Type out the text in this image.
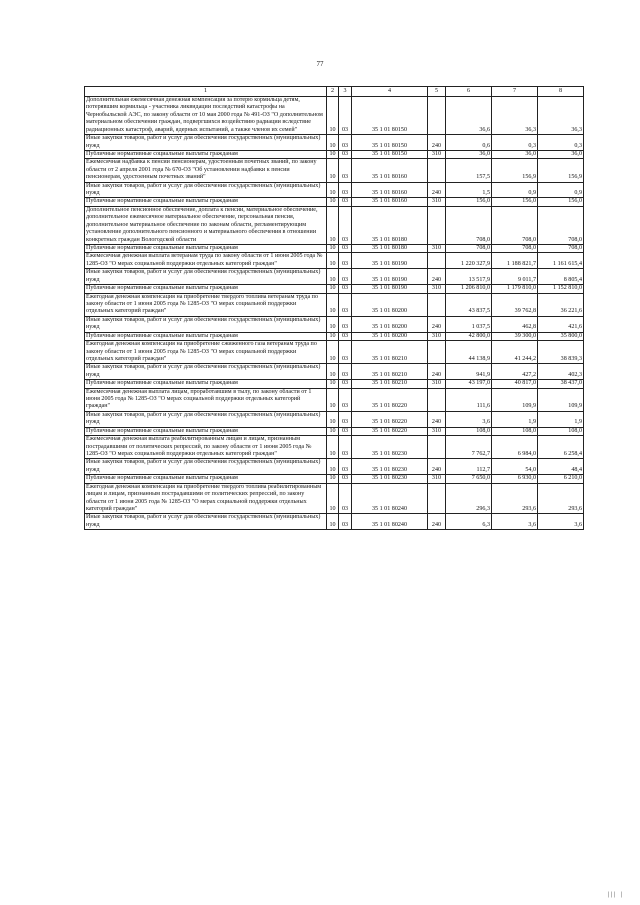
77
1	2	3	4	5	6	7	8
Дополнительная ежемесячная денежная компенсация за потерю кормильца детям, потерявшим кормильца - участника ликвидации последствий катастрофы на Чернобыльской АЭС, по закону области от 10 мая 2000 года № 491-ОЗ "О дополнительном материальном обеспечении граждан, подвергшихся воздействию радиации вследствие радиационных катастроф, аварий, ядерных испытаний, а также членов их семей"	10	03	35 1 01 80150		36,6	36,3	36,3
Иные закупки товаров, работ и услуг для обеспечения государственных (муниципальных) нужд	10	03	35 1 01 80150	240	0,6	0,3	0,3
Публичные нормативные социальные выплаты гражданам	10	03	35 1 01 80150	310	36,0	36,0	36,0
Ежемесячная надбавка к пенсии пенсионерам, удостоенным почетных званий, по закону области от 2 апреля 2001 года № 670-ОЗ "Об установлении надбавки к пенсии пенсионерам, удостоенным почетных званий"	10	03	35 1 01 80160		157,5	156,9	156,9
Иные закупки товаров, работ и услуг для обеспечения государственных (муниципальных) нужд	10	03	35 1 01 80160	240	1,5	0,9	0,9
Публичные нормативные социальные выплаты гражданам	10	03	35 1 01 80160	310	156,0	156,0	156,0
Дополнительное пенсионное обеспечение, доплата к пенсии, материальное обеспечение, дополнительное ежемесячное материальное обеспечение, персональная пенсия, дополнительное материальное обеспечение по законам области, регламентирующим установление дополнительного пенсионного и материального обеспечения в отношении конкретных граждан Вологодской области	10	03	35 1 01 80180		708,0	708,0	708,0
Публичные нормативные социальные выплаты гражданам	10	03	35 1 01 80180	310	708,0	708,0	708,0
Ежемесячная денежная выплата ветеранам труда по закону области от 1 июня 2005 года № 1285-ОЗ "О мерах социальной поддержки отдельных категорий граждан"	10	03	35 1 01 80190		1 220 327,9	1 188 821,7	1 161 615,4
Иные закупки товаров, работ и услуг для обеспечения государственных (муниципальных) нужд	10	03	35 1 01 80190	240	13 517,9	9 011,7	8 805,4
Публичные нормативные социальные выплаты гражданам	10	03	35 1 01 80190	310	1 206 810,0	1 179 810,0	1 152 810,0
Ежегодная денежная компенсация на приобретение твердого топлива ветеранам труда по закону области от 1 июня 2005 года № 1285-ОЗ "О мерах социальной поддержки отдельных категорий граждан"	10	03	35 1 01 80200		43 837,5	39 762,8	36 221,6
Иные закупки товаров, работ и услуг для обеспечения государственных (муниципальных) нужд	10	03	35 1 01 80200	240	1 037,5	462,8	421,6
Публичные нормативные социальные выплаты гражданам	10	03	35 1 01 80200	310	42 800,0	39 300,0	35 800,0
Ежегодная денежная компенсация на приобретение сжиженного газа ветеранам труда по закону области от 1 июня 2005 года № 1285-ОЗ "О мерах социальной поддержки отдельных категорий граждан"	10	03	35 1 01 80210		44 138,9	41 244,2	38 839,3
Иные закупки товаров, работ и услуг для обеспечения государственных (муниципальных) нужд	10	03	35 1 01 80210	240	941,9	427,2	402,3
Публичные нормативные социальные выплаты гражданам	10	03	35 1 01 80210	310	43 197,0	40 817,0	38 437,0
Ежемесячная денежная выплата лицам, проработавшим в тылу, по закону области от 1 июня 2005 года № 1285-ОЗ "О мерах социальной поддержки отдельных категорий граждан"	10	03	35 1 01 80220		111,6	109,9	109,9
Иные закупки товаров, работ и услуг для обеспечения государственных (муниципальных) нужд	10	03	35 1 01 80220	240	3,6	1,9	1,9
Публичные нормативные социальные выплаты гражданам	10	03	35 1 01 80220	310	108,0	108,0	108,0
Ежемесячная денежная выплата реабилитированным лицам и лицам, признанным пострадавшими от политических репрессий, по закону области от 1 июня 2005 года № 1285-ОЗ "О мерах социальной поддержки отдельных категорий граждан"	10	03	35 1 01 80230		7 762,7	6 984,0	6 258,4
Иные закупки товаров, работ и услуг для обеспечения государственных (муниципальных) нужд	10	03	35 1 01 80230	240	112,7	54,0	48,4
Публичные нормативные социальные выплаты гражданам	10	03	35 1 01 80230	310	7 650,0	6 930,0	6 210,0
Ежегодная денежная компенсация на приобретение твердого топлива реабилитированным лицам и лицам, признанным пострадавшими от политических репрессий, по закону области от 1 июня 2005 года № 1285-ОЗ "О мерах социальной поддержки отдельных категорий граждан"	10	03	35 1 01 80240		296,3	293,6	293,6
Иные закупки товаров, работ и услуг для обеспечения государственных (муниципальных) нужд	10	03	35 1 01 80240	240	6,3	3,6	3,6
||| |
